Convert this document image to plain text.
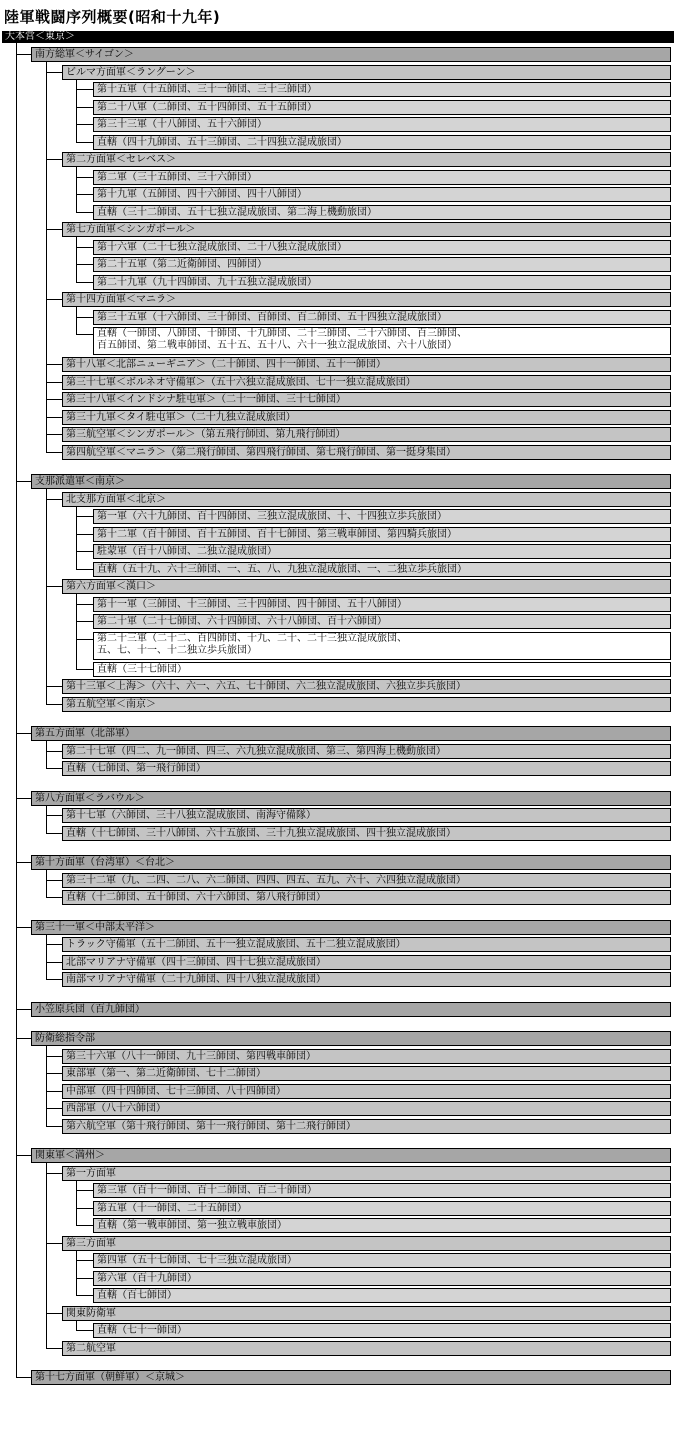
陸軍戦闘序列概要(昭和十九年)
大本営＜東京＞
南方総軍＜サイゴン＞
ビルマ方面軍＜ラングーン＞
第十五軍（十五師団、三十一師団、三十三師団）
第二十八軍（二師団、五十四師団、五十五師団）
第三十三軍（十八師団、五十六師団）
直轄（四十九師団、五十三師団、二十四独立混成旅団）
第二方面軍＜セレベス＞
第二軍（三十五師団、三十六師団）
第十九軍（五師団、四十六師団、四十八師団）
直轄（三十二師団、五十七独立混成旅団、第二海上機動旅団）
第七方面軍＜シンガポール＞
第十六軍（二十七独立混成旅団、二十八独立混成旅団）
第二十五軍（第二近衛師団、四師団）
第二十九軍（九十四師団、九十五独立混成旅団）
第十四方面軍＜マニラ＞
第三十五軍（十六師団、三十師団、百師団、百二師団、五十四独立混成旅団）
直轄（一師団、八師団、十師団、十九師団、二十三師団、二十六師団、百三師団、
百五師団、第二戦車師団、五十五、五十八、六十一独立混成旅団、六十八旅団）
第十八軍＜北部ニューギニア＞（二十師団、四十一師団、五十一師団）
第三十七軍＜ボルネオ守備軍＞（五十六独立混成旅団、七十一独立混成旅団）
第三十八軍＜インドシナ駐屯軍＞（二十一師団、三十七師団）
第三十九軍＜タイ駐屯軍＞（二十九独立混成旅団）
第三航空軍＜シンガポール＞（第五飛行師団、第九飛行師団）
第四航空軍＜マニラ＞（第二飛行師団、第四飛行師団、第七飛行師団、第一挺身集団）
支那派遣軍＜南京＞
北支那方面軍＜北京＞
第一軍（六十九師団、百十四師団、三独立混成旅団、十、十四独立歩兵旅団）
第十二軍（百十師団、百十五師団、百十七師団、第三戦車師団、第四騎兵旅団）
駐蒙軍（百十八師団、二独立混成旅団）
直轄（五十九、六十三師団、一、五、八、九独立混成旅団、一、二独立歩兵旅団）
第六方面軍＜漢口＞
第十一軍（三師団、十三師団、三十四師団、四十師団、五十八師団）
第二十軍（二十七師団、六十四師団、六十八師団、百十六師団）
第二十三軍（二十二、百四師団、十九、二十、二十三独立混成旅団、
五、七、十一、十二独立歩兵旅団）
直轄（三十七師団）
第十三軍＜上海＞（六十、六一、六五、七十師団、六二独立混成旅団、六独立歩兵旅団）
第五航空軍＜南京＞
第五方面軍（北部軍）
第二十七軍（四二、九一師団、四三、六九独立混成旅団、第三、第四海上機動旅団）
直轄（七師団、第一飛行師団）
第八方面軍＜ラバウル＞
第十七軍（六師団、三十八独立混成旅団、南海守備隊）
直轄（十七師団、三十八師団、六十五旅団、三十九独立混成旅団、四十独立混成旅団）
第十方面軍（台湾軍）＜台北＞
第三十二軍（九、二四、二八、六二師団、四四、四五、五九、六十、六四独立混成旅団）
直轄（十二師団、五十師団、六十六師団、第八飛行師団）
第三十一軍＜中部太平洋＞
トラック守備軍（五十二師団、五十一独立混成旅団、五十二独立混成旅団）
北部マリアナ守備軍（四十三師団、四十七独立混成旅団）
南部マリアナ守備軍（二十九師団、四十八独立混成旅団）
小笠原兵団（百九師団）
防衛総指令部
第三十六軍（八十一師団、九十三師団、第四戦車師団）
東部軍（第一、第二近衛師団、七十二師団）
中部軍（四十四師団、七十三師団、八十四師団）
西部軍（八十六師団）
第六航空軍（第十飛行師団、第十一飛行師団、第十二飛行師団）
関東軍＜満州＞
第一方面軍
第三軍（百十一師団、百十二師団、百二十師団）
第五軍（十一師団、二十五師団）
直轄（第一戦車師団、第一独立戦車旅団）
第三方面軍
第四軍（五十七師団、七十三独立混成旅団）
第六軍（百十九師団）
直轄（百七師団）
関東防衛軍
直轄（七十一師団）
第二航空軍
第十七方面軍（朝鮮軍）＜京城＞
